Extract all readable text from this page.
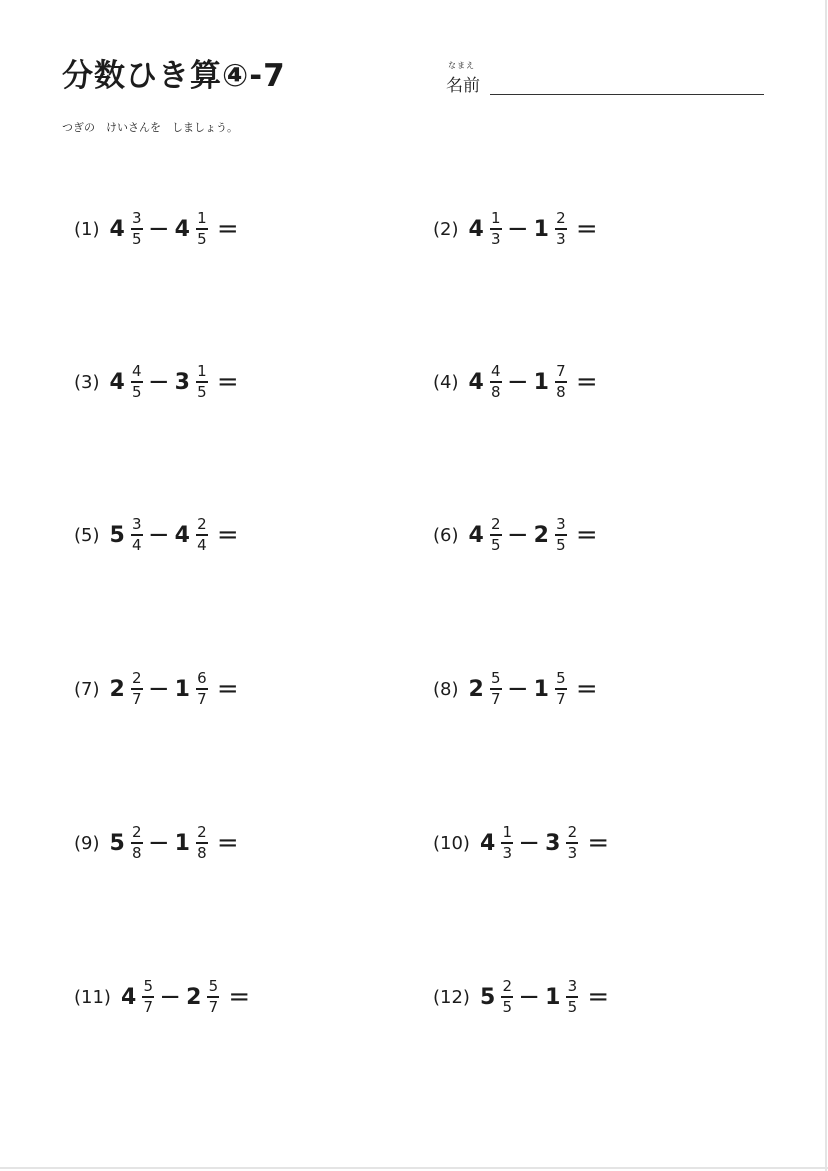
分数ひき算④-7	なまえ
名前
つぎの　けいさんを　しましょう。
(1) $4 \frac{3}{5} - 4 \frac{1}{5}$ =	(2) $4 \frac{1}{3} - 1 \frac{2}{3}$ =
(3) $4 \frac{4}{5} - 3 \frac{1}{5}$ =	(4) $4 \frac{4}{8} - 1 \frac{7}{8}$ =
(5) $5 \frac{3}{4} - 4 \frac{2}{4}$ =	(6) $4 \frac{2}{5} - 2 \frac{3}{5}$ =
(7) $2 \frac{2}{7} - 1 \frac{6}{7}$ =	(8) $2 \frac{5}{7} - 1 \frac{5}{7}$ =
(9) $5 \frac{2}{8} - 1 \frac{2}{8}$ =	(10) $4 \frac{1}{3} - 3 \frac{2}{3}$ =
(11) $4 \frac{5}{7} - 2 \frac{5}{7}$ =	(12) $5 \frac{2}{5} - 1 \frac{3}{5}$ =
